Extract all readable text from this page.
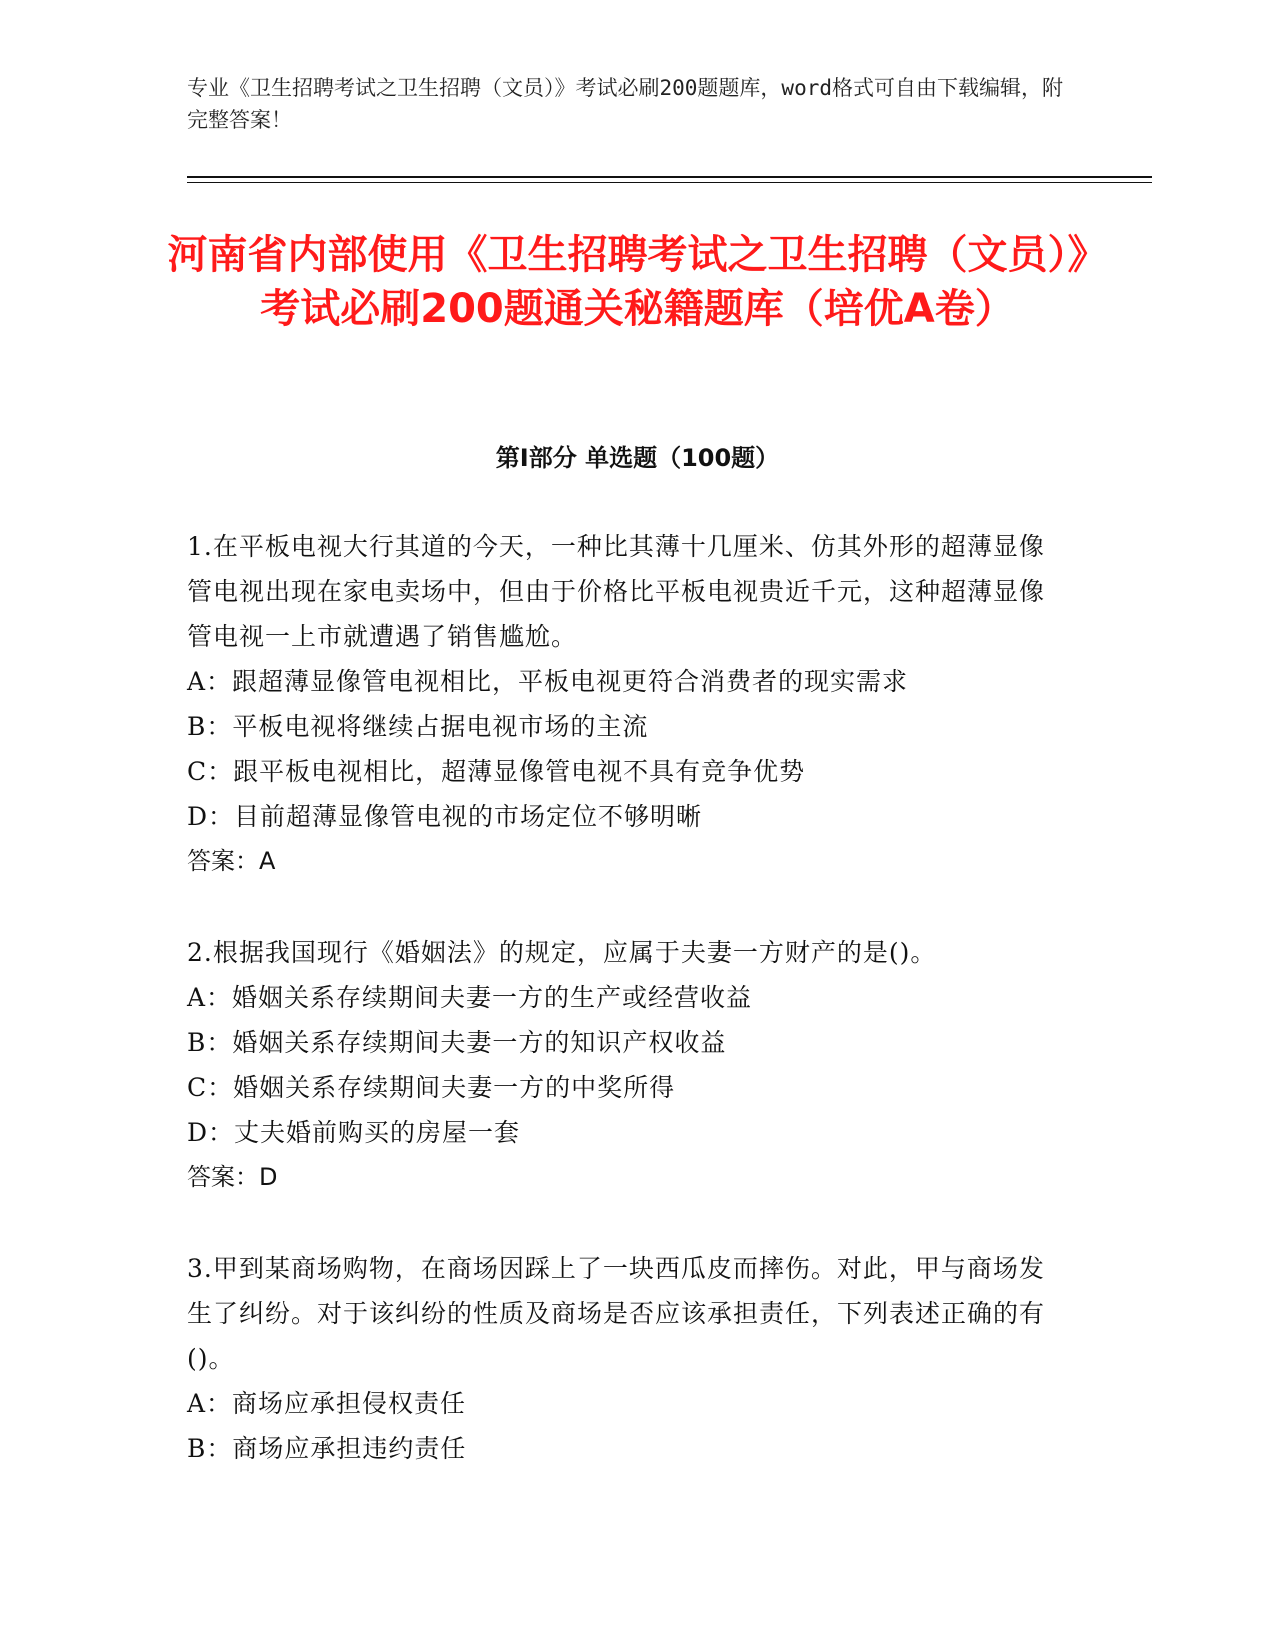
专业《卫生招聘考试之卫生招聘（文员）》考试必刷200题题库，word格式可自由下载编辑，附完整答案！
河南省内部使用《卫生招聘考试之卫生招聘（文员）》考试必刷200题通关秘籍题库（培优A卷）
第Ⅰ部分 单选题（100题）
1.在平板电视大行其道的今天，一种比其薄十几厘米、仿其外形的超薄显像管电视出现在家电卖场中，但由于价格比平板电视贵近千元，这种超薄显像管电视一上市就遭遇了销售尴尬。
A：跟超薄显像管电视相比，平板电视更符合消费者的现实需求
B：平板电视将继续占据电视市场的主流
C：跟平板电视相比，超薄显像管电视不具有竞争优势
D：目前超薄显像管电视的市场定位不够明晰
答案：A
2.根据我国现行《婚姻法》的规定，应属于夫妻一方财产的是()。
A：婚姻关系存续期间夫妻一方的生产或经营收益
B：婚姻关系存续期间夫妻一方的知识产权收益
C：婚姻关系存续期间夫妻一方的中奖所得
D：丈夫婚前购买的房屋一套
答案：D
3.甲到某商场购物，在商场因踩上了一块西瓜皮而摔伤。对此，甲与商场发生了纠纷。对于该纠纷的性质及商场是否应该承担责任，下列表述正确的有()。
A：商场应承担侵权责任
B：商场应承担违约责任
